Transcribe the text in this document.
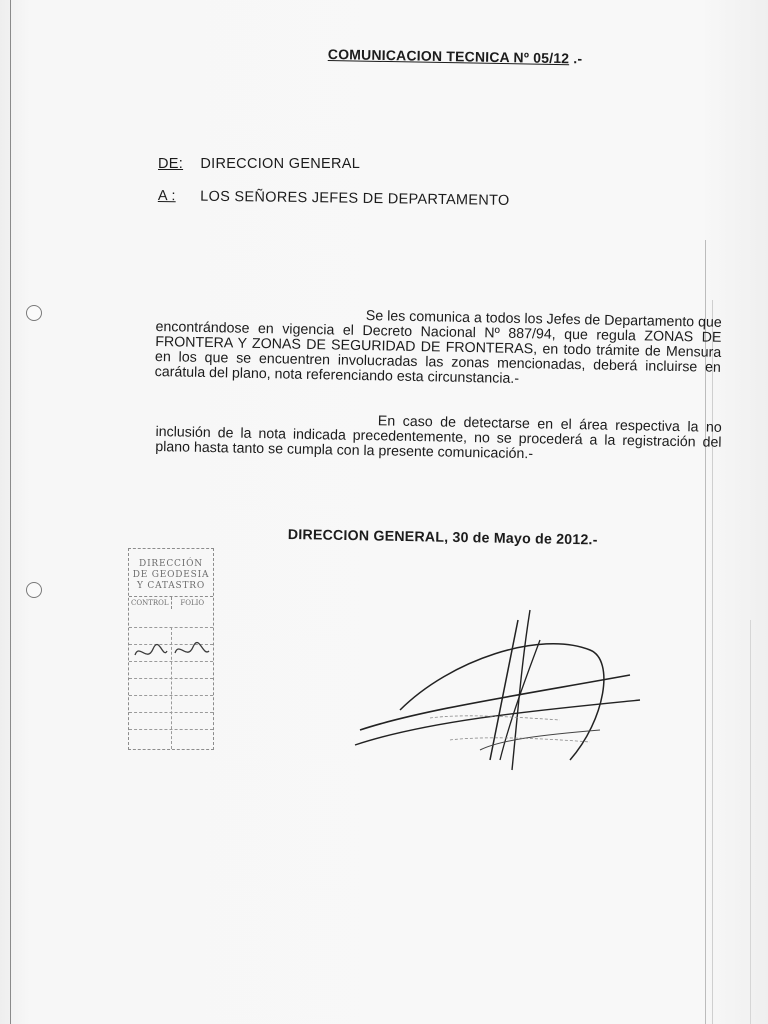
COMUNICACION TECNICA Nº 05/12 .-
DE: DIRECCION GENERAL
A : LOS SEÑORES JEFES DE DEPARTAMENTO

Se les comunica a todos los Jefes de Departamento que encontrándose en vigencia el Decreto Nacional Nº 887/94, que regula ZONAS DE FRONTERA Y ZONAS DE SEGURIDAD DE FRONTERAS, en todo trámite de Mensura en los que se encuentren involucradas las zonas mencionadas, deberá incluirse en carátula del plano, nota referenciando esta circunstancia.-

En caso de detectarse en el área respectiva la no inclusión de la nota indicada precedentemente, no se procederá a la registración del plano hasta tanto se cumpla con la presente comunicación.-

DIRECCION GENERAL, 30 de Mayo de 2012.-
DIRECCIÓN
DE GEODESIA
Y CATASTRO
CONTROL	FOLIO
